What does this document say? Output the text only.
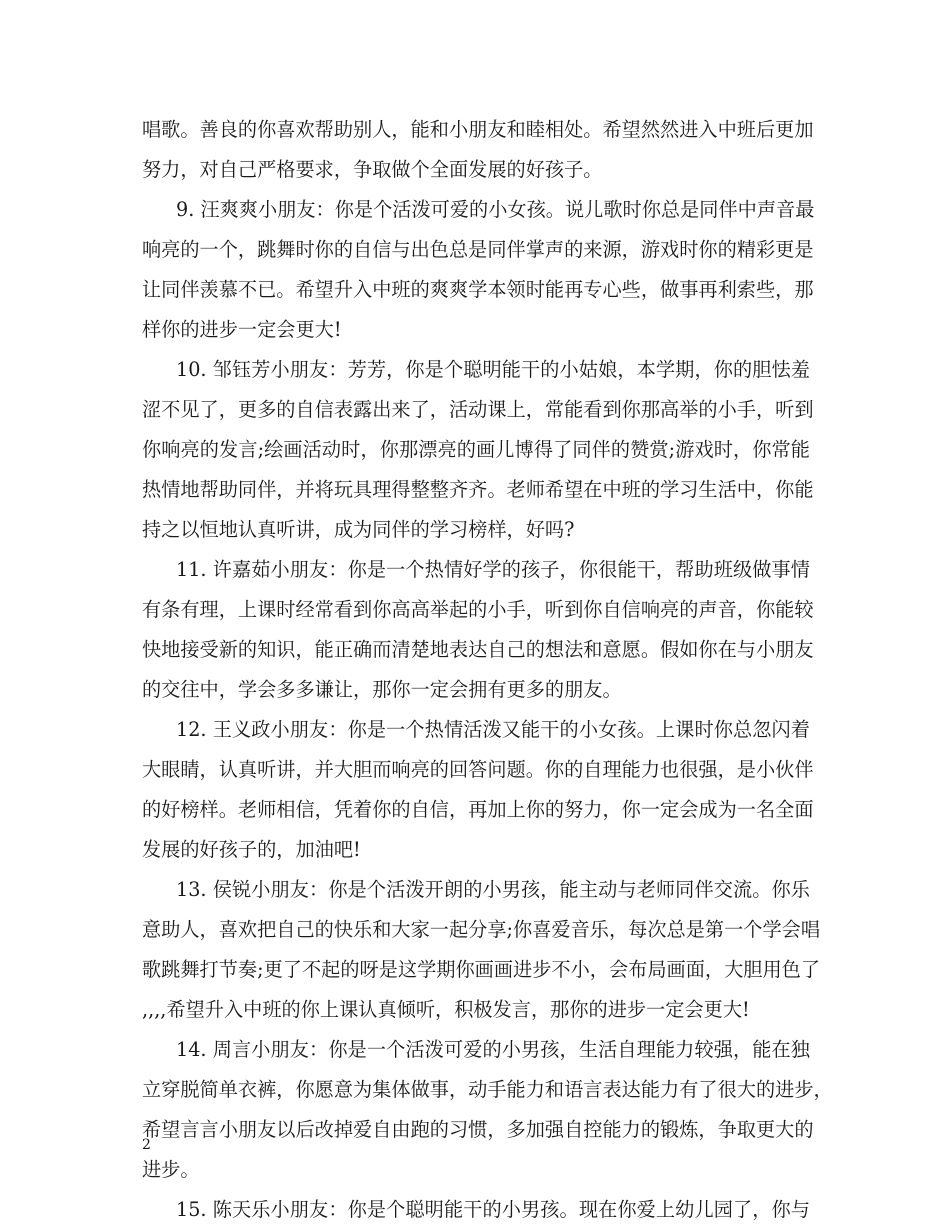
唱歌。善良的你喜欢帮助别人，能和小朋友和睦相处。希望然然进入中班后更加
努力，对自己严格要求，争取做个全面发展的好孩子。
9. 汪爽爽小朋友：你是个活泼可爱的小女孩。说儿歌时你总是同伴中声音最
响亮的一个，跳舞时你的自信与出色总是同伴掌声的来源，游戏时你的精彩更是
让同伴羡慕不已。希望升入中班的爽爽学本领时能再专心些，做事再利索些，那
样你的进步一定会更大!
10. 邹钰芳小朋友：芳芳，你是个聪明能干的小姑娘，本学期，你的胆怯羞
涩不见了，更多的自信表露出来了，活动课上，常能看到你那高举的小手，听到
你响亮的发言;绘画活动时，你那漂亮的画儿博得了同伴的赞赏;游戏时，你常能
热情地帮助同伴，并将玩具理得整整齐齐。老师希望在中班的学习生活中，你能
持之以恒地认真听讲，成为同伴的学习榜样，好吗?
11. 许嘉茹小朋友：你是一个热情好学的孩子，你很能干，帮助班级做事情
有条有理，上课时经常看到你高高举起的小手，听到你自信响亮的声音，你能较
快地接受新的知识，能正确而清楚地表达自己的想法和意愿。假如你在与小朋友
的交往中，学会多多谦让，那你一定会拥有更多的朋友。
12. 王义政小朋友：你是一个热情活泼又能干的小女孩。上课时你总忽闪着
大眼睛，认真听讲，并大胆而响亮的回答问题。你的自理能力也很强，是小伙伴
的好榜样。老师相信，凭着你的自信，再加上你的努力，你一定会成为一名全面
发展的好孩子的，加油吧!
13. 侯锐小朋友：你是个活泼开朗的小男孩，能主动与老师同伴交流。你乐
意助人，喜欢把自己的快乐和大家一起分享;你喜爱音乐，每次总是第一个学会唱
歌跳舞打节奏;更了不起的呀是这学期你画画进步不小，会布局画面，大胆用色了
,,,,希望升入中班的你上课认真倾听，积极发言，那你的进步一定会更大!
14. 周言小朋友：你是一个活泼可爱的小男孩，生活自理能力较强，能在独
立穿脱简单衣裤，你愿意为集体做事，动手能力和语言表达能力有了很大的进步，
希望言言小朋友以后改掉爱自由跑的习惯，多加强自控能力的锻炼，争取更大的
进步。
15. 陈天乐小朋友：你是个聪明能干的小男孩。现在你爱上幼儿园了，你与
2
